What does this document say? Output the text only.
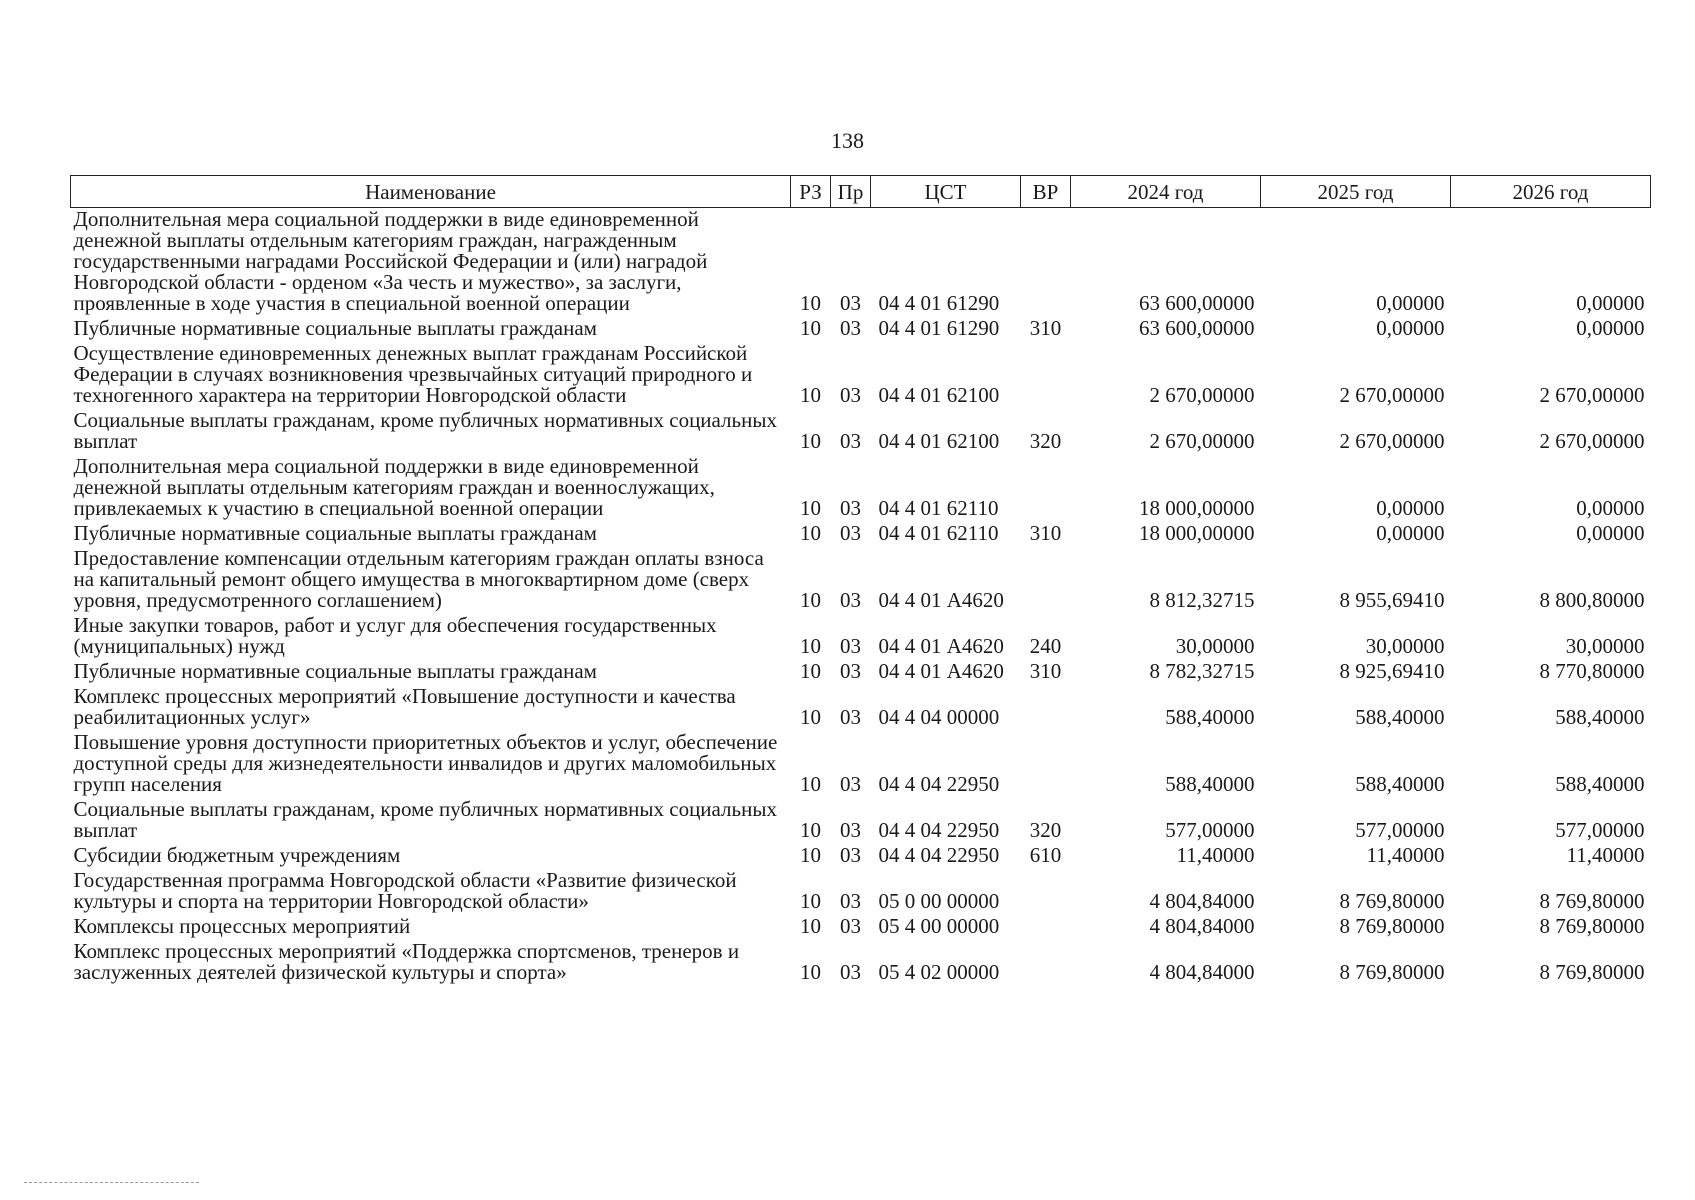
138
Наименование	РЗ	Пр	ЦСТ	ВР	2024 год	2025 год	2026 год
Дополнительная мера социальной поддержки в виде единовременной денежной выплаты отдельным категориям граждан, награжденным государственными наградами Российской Федерации и (или) наградой Новгородской области - орденом «За честь и мужество», за заслуги, проявленные в ходе участия в специальной военной операции	10	03	04 4 01 61290		63 600,00000	0,00000	0,00000
Публичные нормативные социальные выплаты гражданам	10	03	04 4 01 61290	310	63 600,00000	0,00000	0,00000
Осуществление единовременных денежных выплат гражданам Российской Федерации в случаях возникновения чрезвычайных ситуаций природного и техногенного характера на территории Новгородской области	10	03	04 4 01 62100		2 670,00000	2 670,00000	2 670,00000
Социальные выплаты гражданам, кроме публичных нормативных социальных выплат	10	03	04 4 01 62100	320	2 670,00000	2 670,00000	2 670,00000
Дополнительная мера социальной поддержки в виде единовременной денежной выплаты отдельным категориям граждан и военнослужащих, привлекаемых к участию в специальной военной операции	10	03	04 4 01 62110		18 000,00000	0,00000	0,00000
Публичные нормативные социальные выплаты гражданам	10	03	04 4 01 62110	310	18 000,00000	0,00000	0,00000
Предоставление компенсации отдельным категориям граждан оплаты взноса на капитальный ремонт общего имущества в многоквартирном доме (сверх уровня, предусмотренного соглашением)	10	03	04 4 01 А4620		8 812,32715	8 955,69410	8 800,80000
Иные закупки товаров, работ и услуг для обеспечения государственных (муниципальных) нужд	10	03	04 4 01 А4620	240	30,00000	30,00000	30,00000
Публичные нормативные социальные выплаты гражданам	10	03	04 4 01 А4620	310	8 782,32715	8 925,69410	8 770,80000
Комплекс процессных мероприятий «Повышение доступности и качества реабилитационных услуг»	10	03	04 4 04 00000		588,40000	588,40000	588,40000
Повышение уровня доступности приоритетных объектов и услуг, обеспечение доступной среды для жизнедеятельности инвалидов и других маломобильных групп населения	10	03	04 4 04 22950		588,40000	588,40000	588,40000
Социальные выплаты гражданам, кроме публичных нормативных социальных выплат	10	03	04 4 04 22950	320	577,00000	577,00000	577,00000
Субсидии бюджетным учреждениям	10	03	04 4 04 22950	610	11,40000	11,40000	11,40000
Государственная программа Новгородской области «Развитие физической культуры и спорта на территории Новгородской области»	10	03	05 0 00 00000		4 804,84000	8 769,80000	8 769,80000
Комплексы процессных мероприятий	10	03	05 4 00 00000		4 804,84000	8 769,80000	8 769,80000
Комплекс процессных мероприятий «Поддержка спортсменов, тренеров и заслуженных деятелей физической культуры и спорта»	10	03	05 4 02 00000		4 804,84000	8 769,80000	8 769,80000
